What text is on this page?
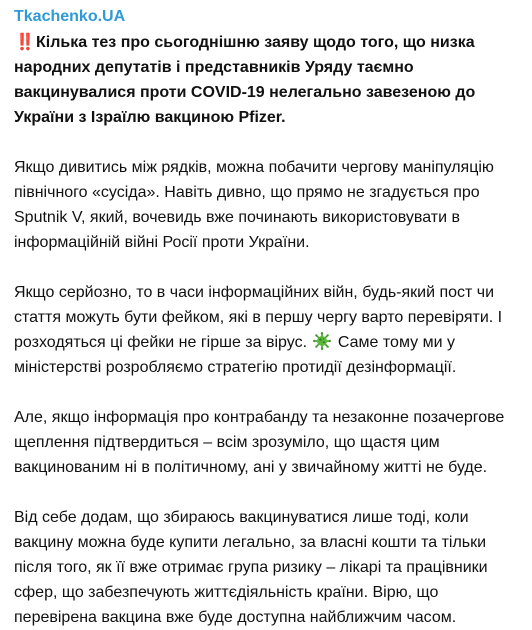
Tkachenko.UA

‼️ Кілька тез про сьогоднішню заяву щодо того, що низка народних депутатів і представників Уряду таємно вакцинувалися проти COVID-19 нелегально завезеною до України з Ізраїлю вакциною Pfizer.

Якщо дивитись між рядків, можна побачити чергову маніпуляцію північного «сусіда». Навіть дивно, що прямо не згадується про Sputnik V, який, вочевидь вже починають використовувати в інформаційній війні Росії проти України.

Якщо серйозно, то в часи інформаційних війн, будь-який пост чи стаття можуть бути фейком, які в першу чергу варто перевіряти. І розходяться ці фейки не гірше за вірус. Саме тому ми у міністерстві розробляємо стратегію протидії дезінформації.

Але, якщо інформація про контрабанду та незаконне позачергове щеплення підтвердиться – всім зрозуміло, що щастя цим вакцинованим ні в політичному, ані у звичайному житті не буде.

Від себе додам, що збираюсь вакцинуватися лише тоді, коли вакцину можна буде купити легально, за власні кошти та тільки після того, як її вже отримає група ризику – лікарі та працівники сфер, що забезпечують життєдіяльність країни. Вірю, що перевірена вакцина вже буде доступна найближчим часом.
